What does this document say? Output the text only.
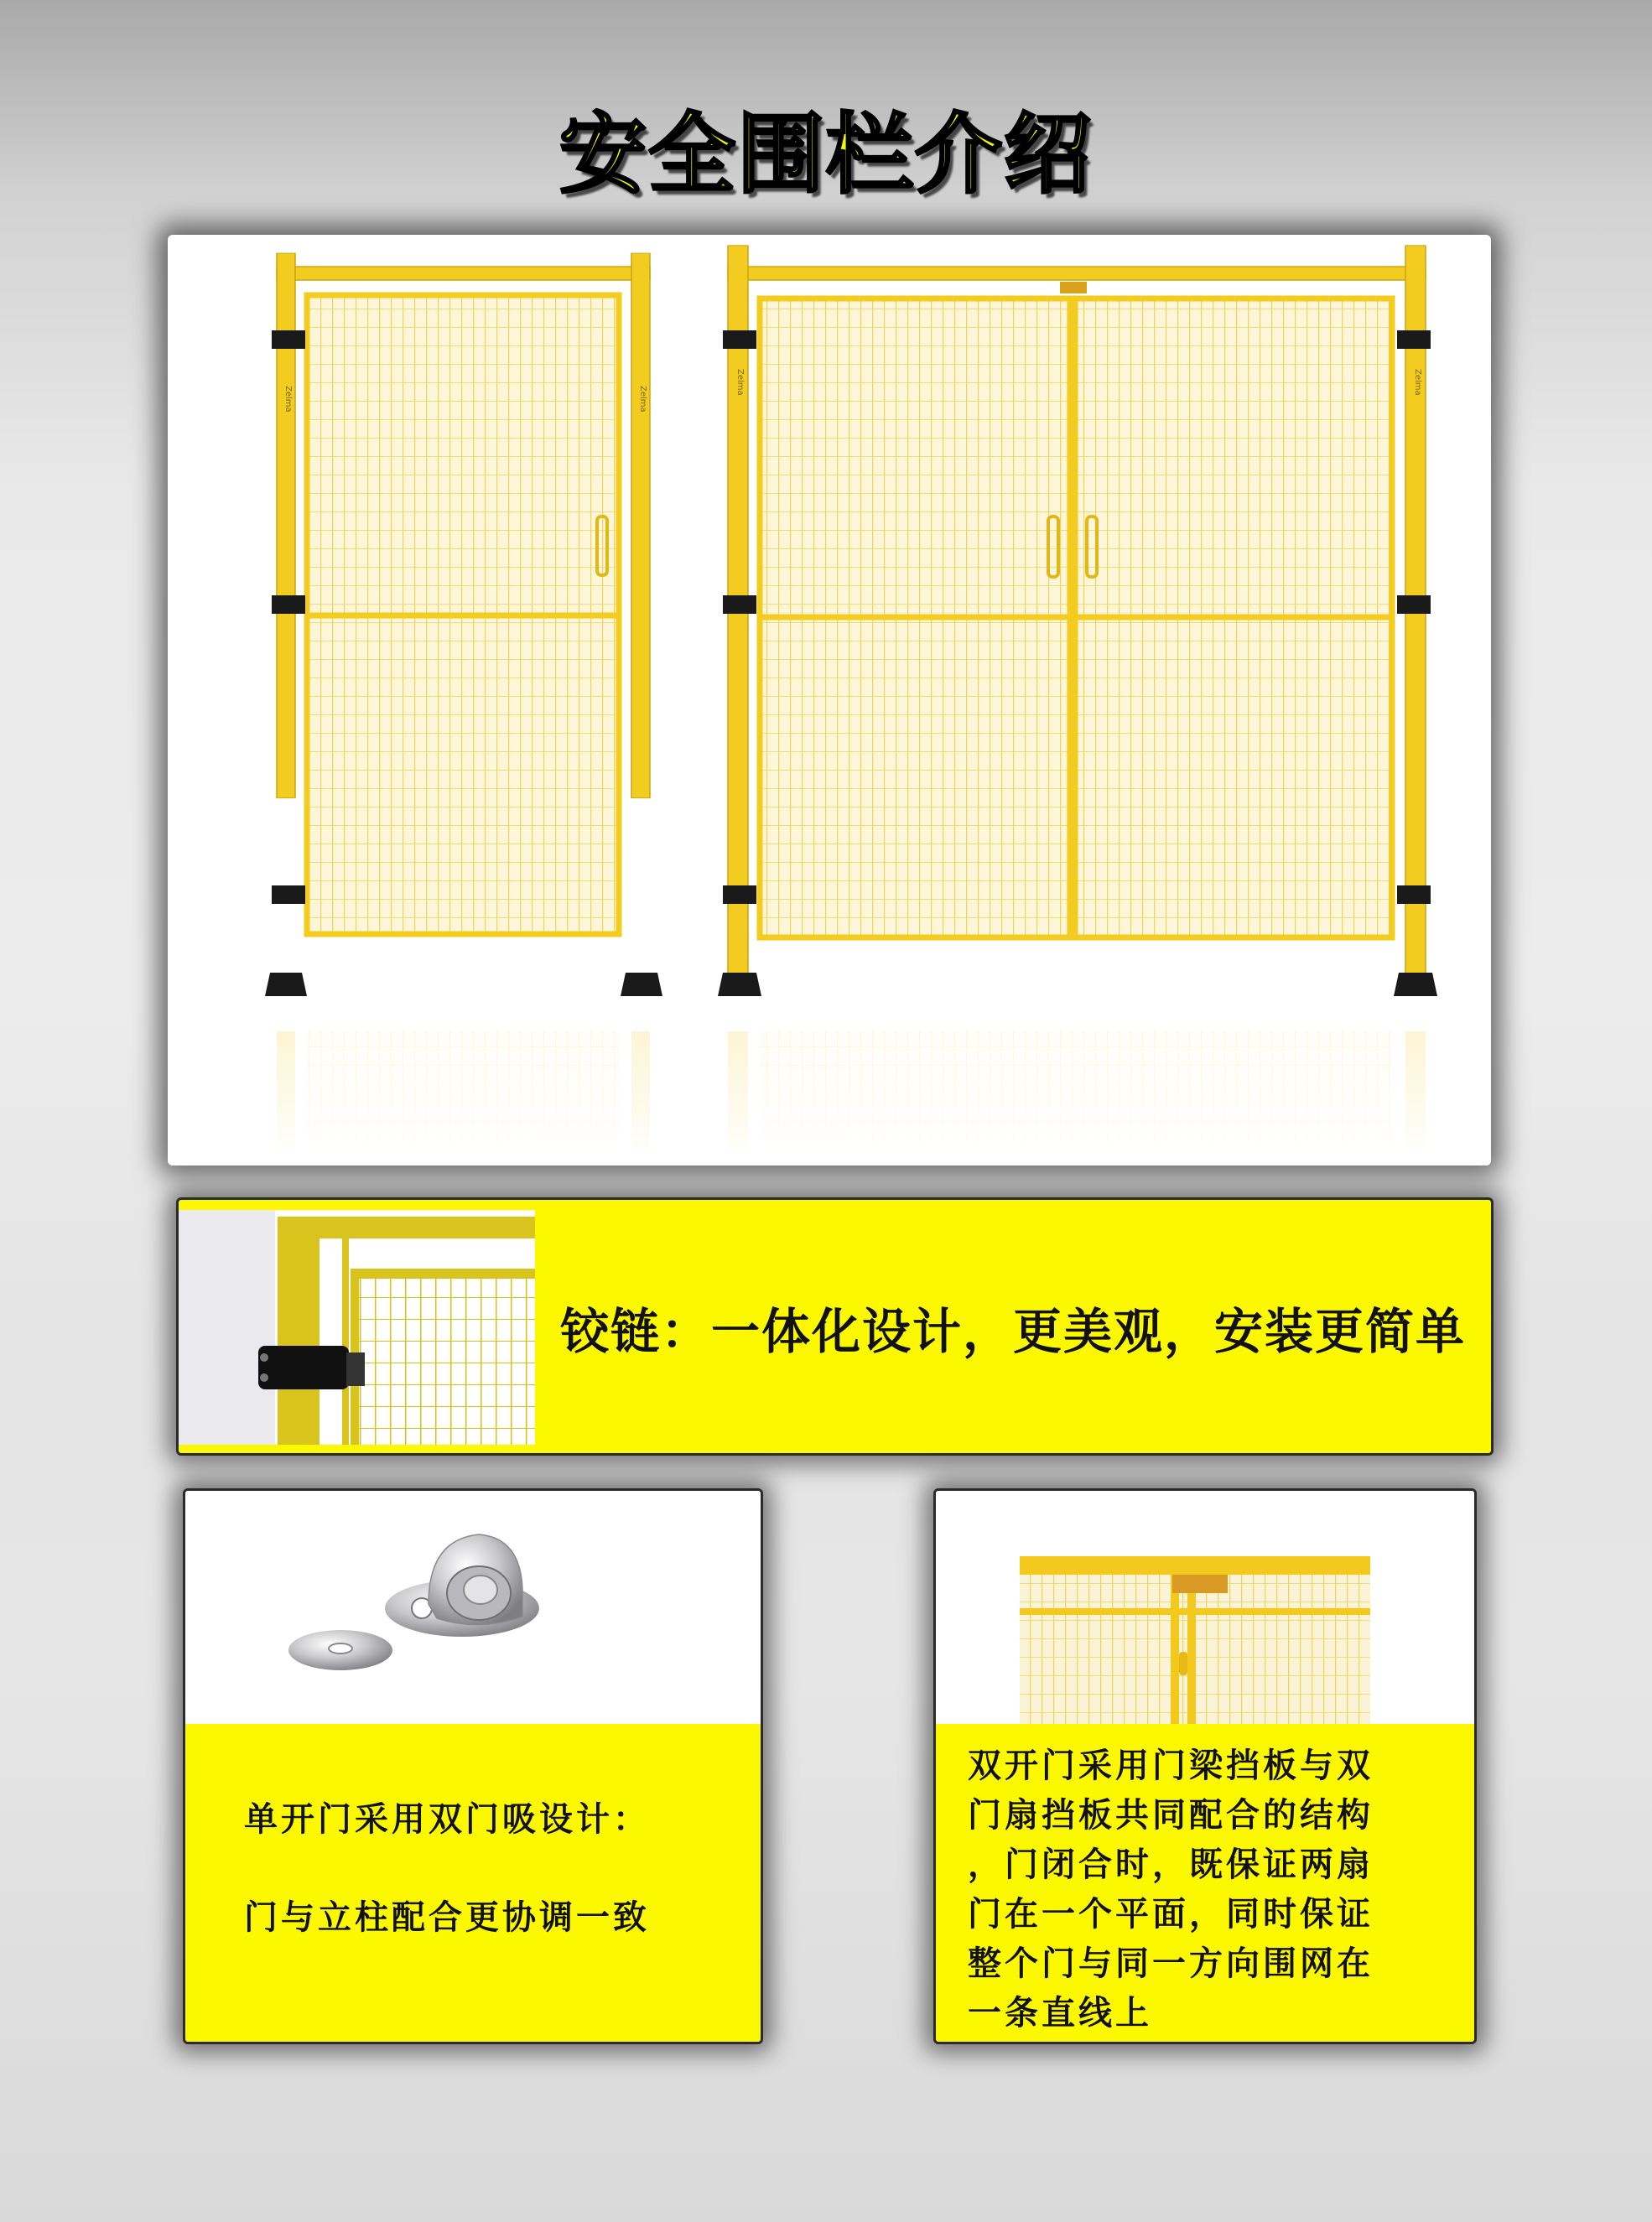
安全围栏介绍
Zelma	Zelma
Zelma	Zelma
铰链：一体化设计，更美观，安装更简单
单开门采用双门吸设计：
门与立柱配合更协调一致
双开门采用门梁挡板与双
门扇挡板共同配合的结构
，门闭合时，既保证两扇
门在一个平面，同时保证
整个门与同一方向围网在
一条直线上
